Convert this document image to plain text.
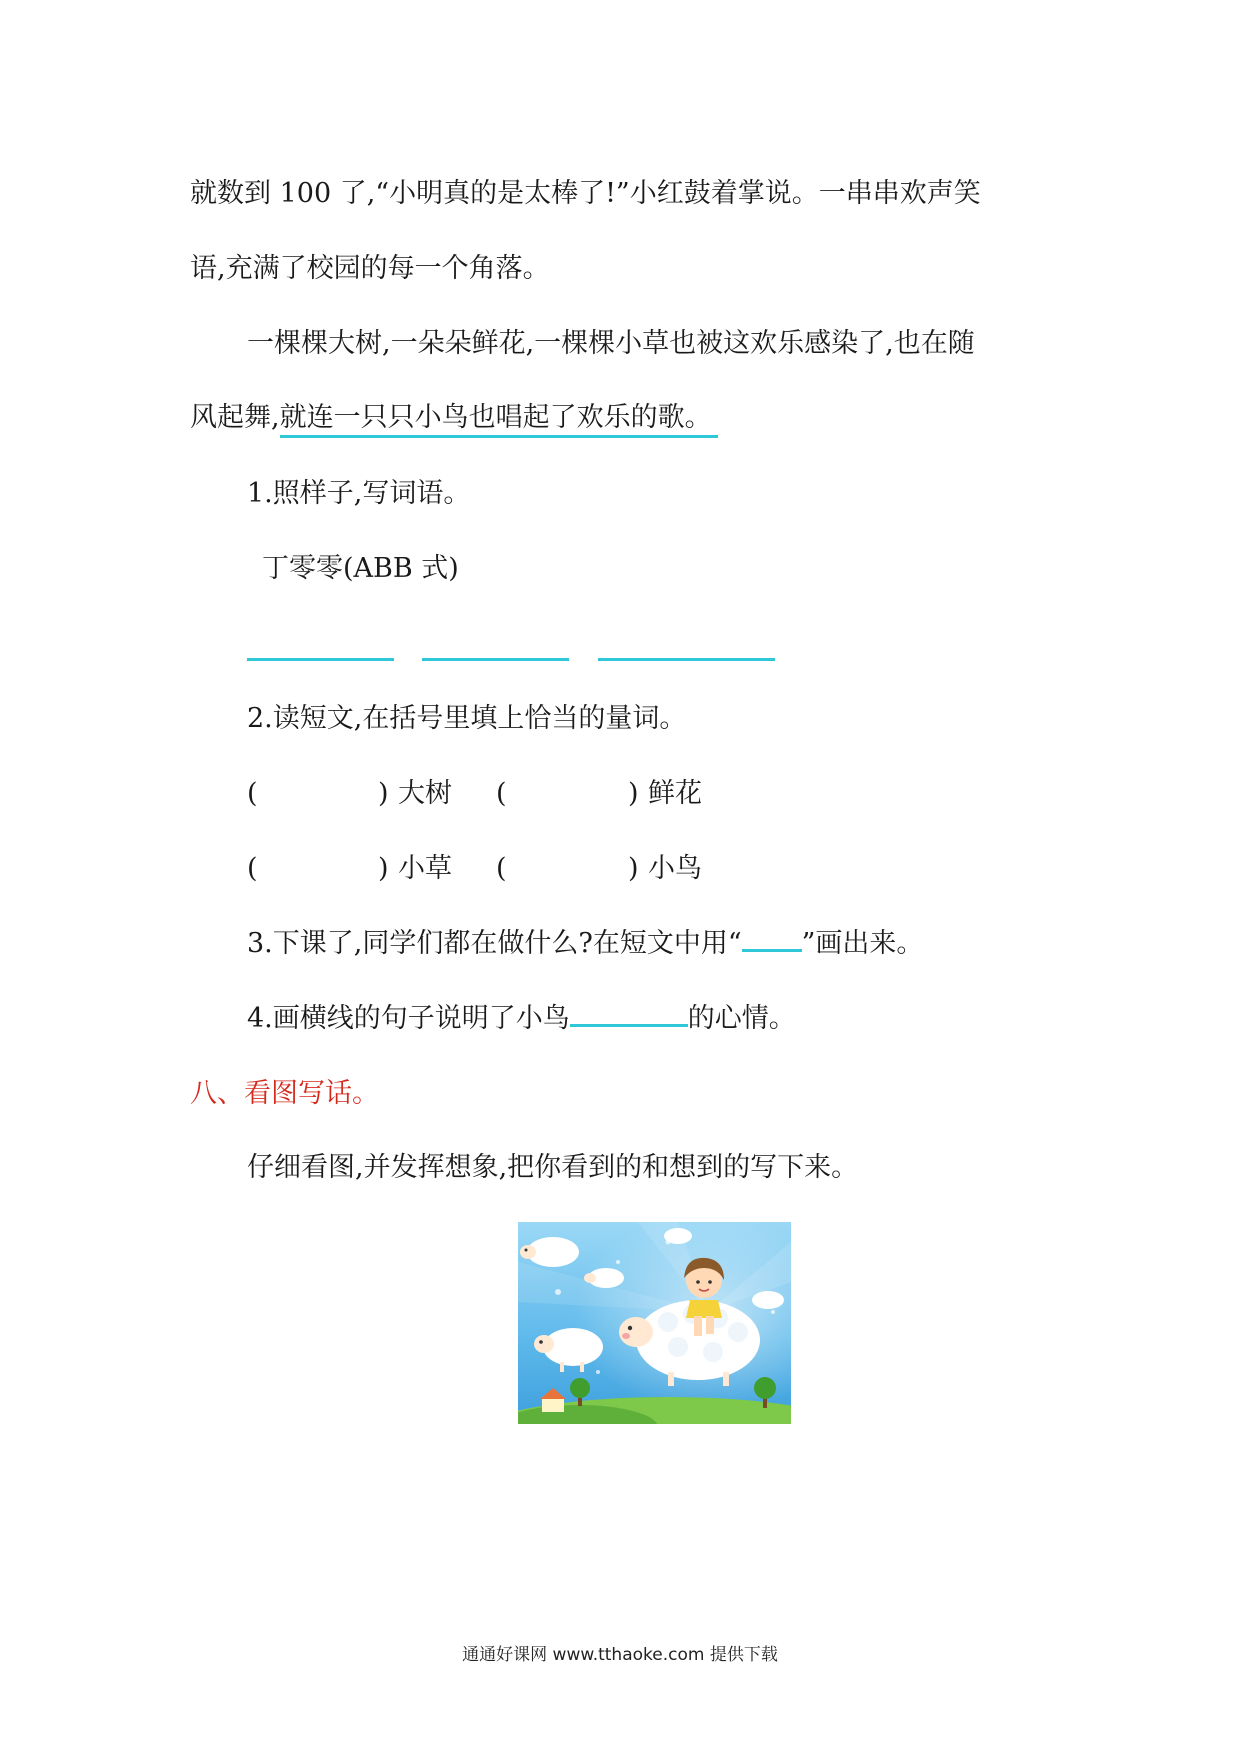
就数到 100 了,“小明真的是太棒了!”小红鼓着掌说。一串串欢声笑
语,充满了校园的每一个角落。
一棵棵大树,一朵朵鲜花,一棵棵小草也被这欢乐感染了,也在随
风起舞,就连一只只小鸟也唱起了欢乐的歌。
1.照样子,写词语。
丁零零(ABB 式)
2.读短文,在括号里填上恰当的量词。
(	) 大树 (	) 鲜花
(	) 小草 (	) 小鸟
3.下课了,同学们都在做什么?在短文中用“ ”画出来。
4.画横线的句子说明了小鸟	的心情。
八、看图写话。
仔细看图,并发挥想象,把你看到的和想到的写下来。
通通好课网 www.tthaoke.com 提供下载
